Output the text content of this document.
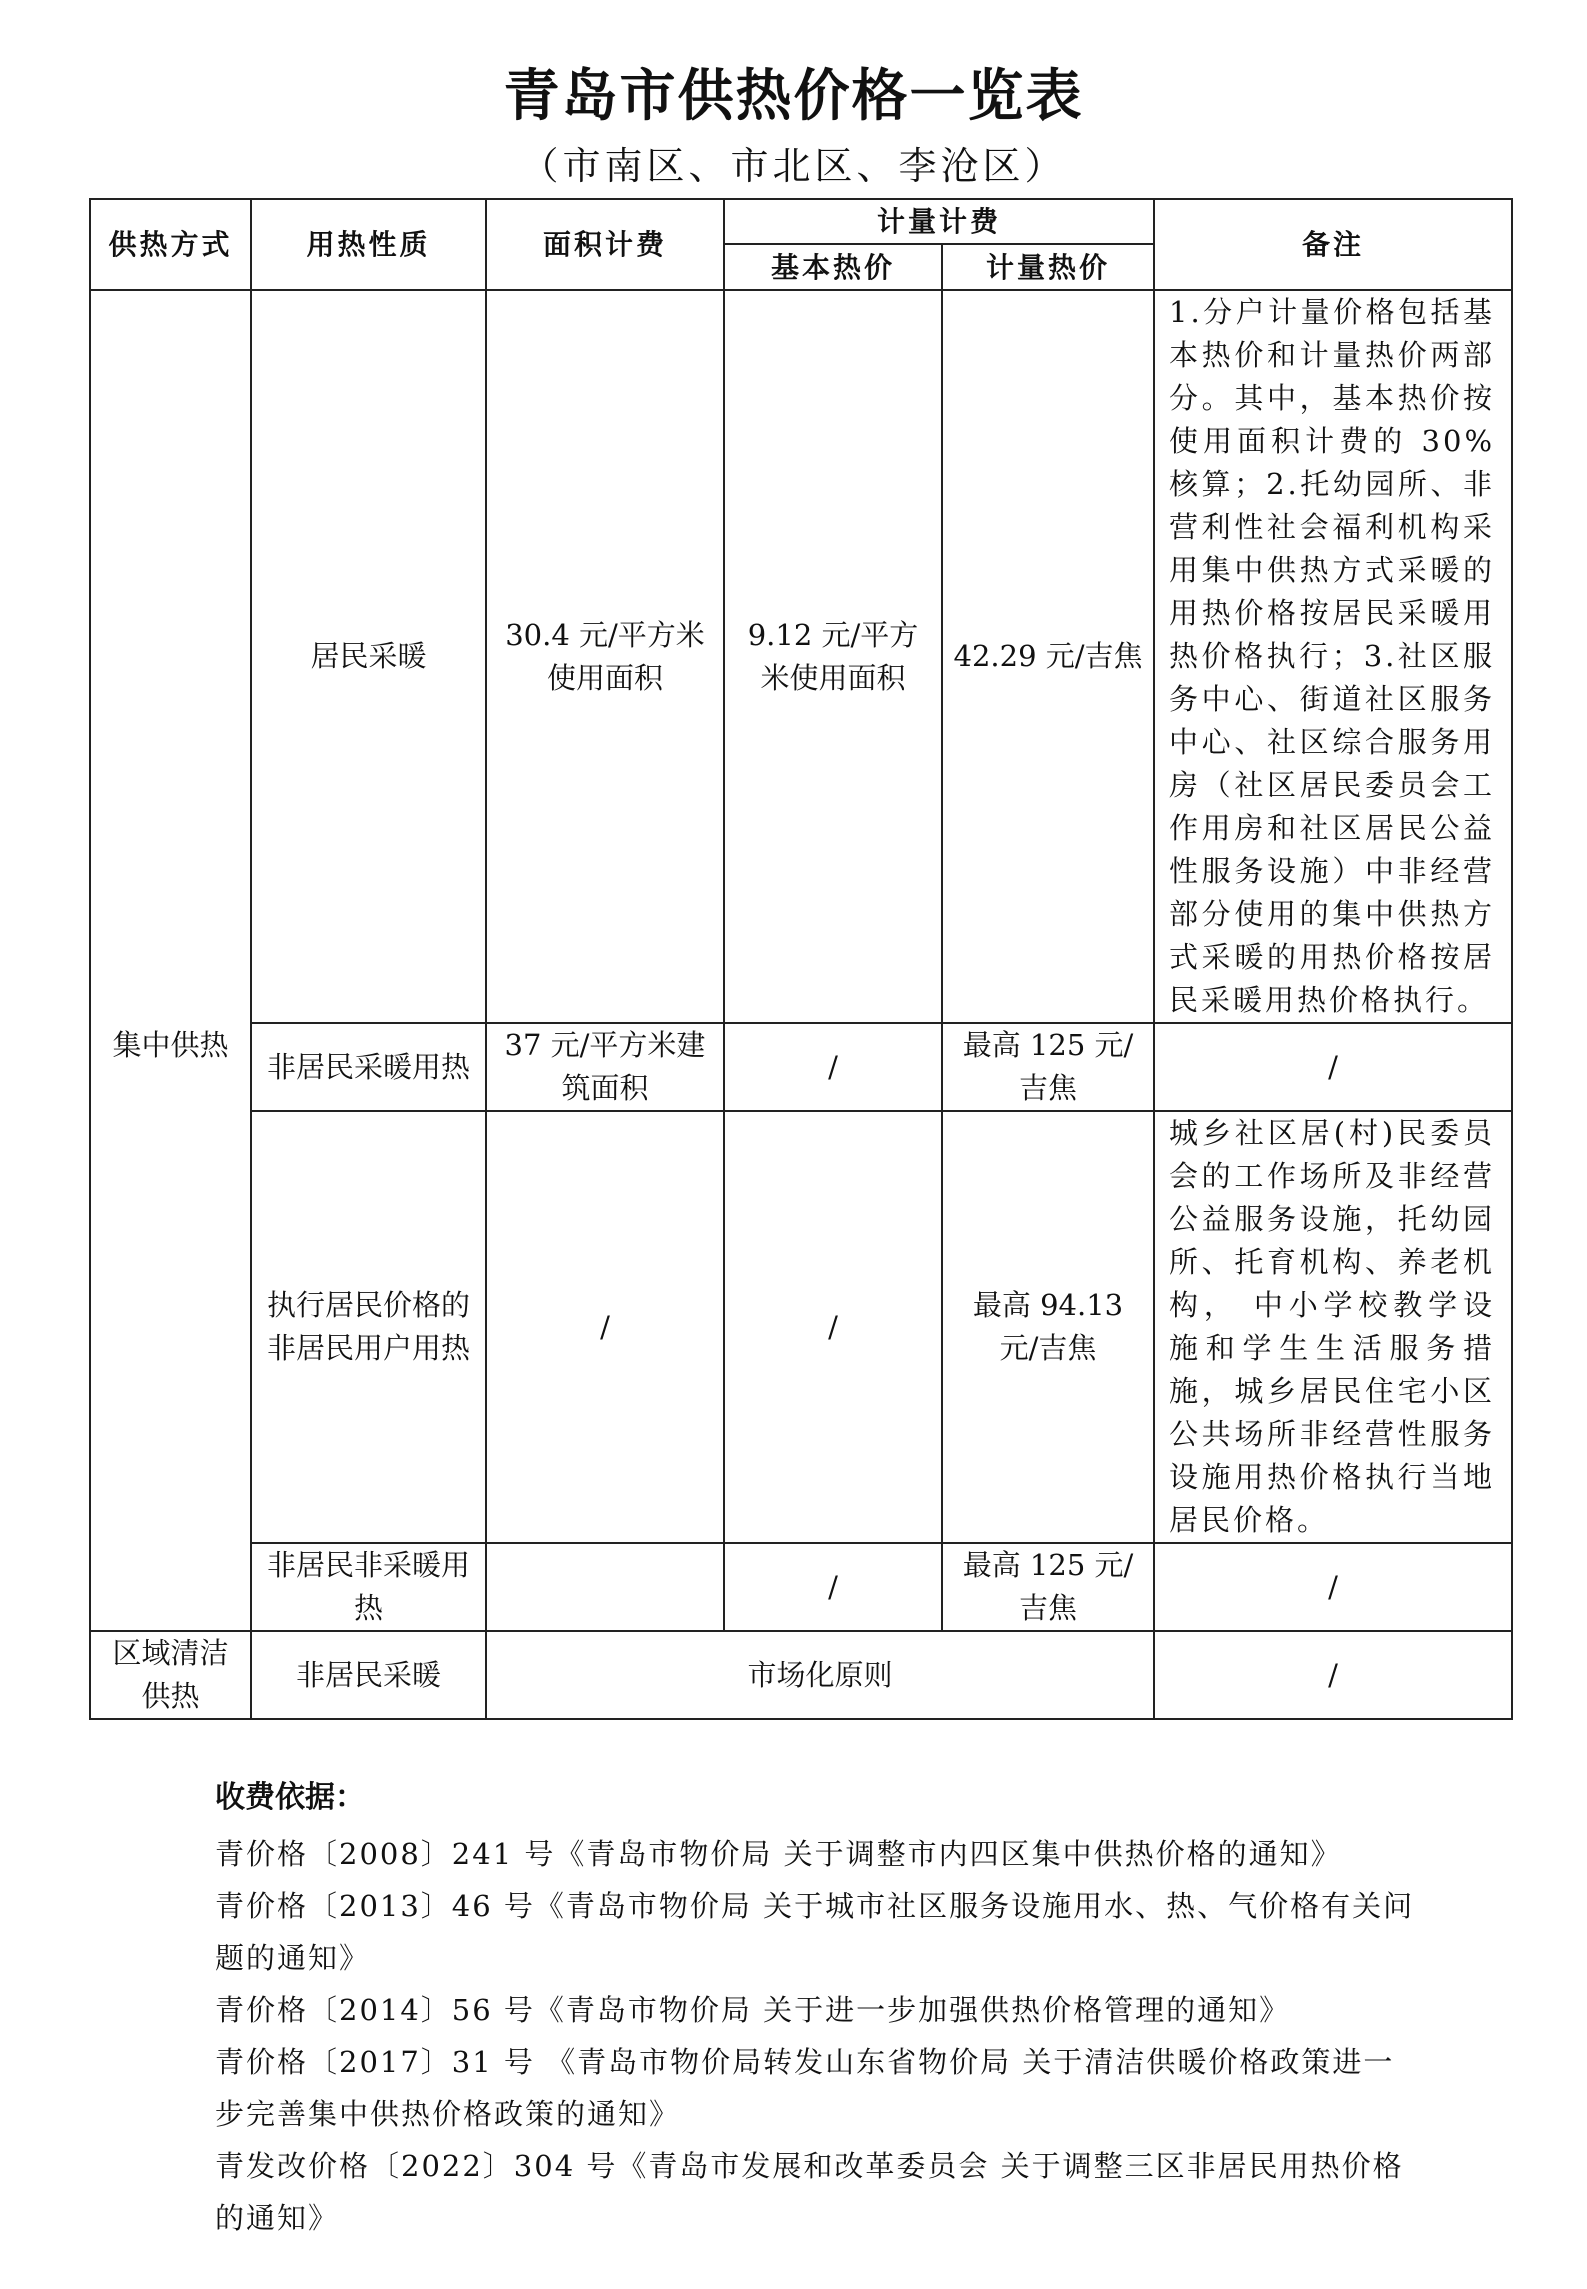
青岛市供热价格一览表
（市南区、市北区、李沧区）
供热方式	用热性质	面积计费	计量计费		备注
			基本热价	计量热价	
集中供热	居民采暖	30.4 元/平方米使用面积	9.12 元/平方米使用面积	42.29 元/吉焦	1.分户计量价格包括基本热价和计量热价两部分。其中，基本热价按使用面积计费的 30%核算；2.托幼园所、非营利性社会福利机构采用集中供热方式采暖的用热价格按居民采暖用热价格执行；3.社区服务中心、街道社区服务中心、社区综合服务用房（社区居民委员会工作用房和社区居民公益性服务设施）中非经营部分使用的集中供热方式采暖的用热价格按居民采暖用热价格执行。
	非居民采暖用热	37 元/平方米建筑面积	/	最高 125 元/吉焦	/
	执行居民价格的非居民用户用热	/	/	最高 94.13 元/吉焦	城乡社区居(村)民委员会的工作场所及非经营公益服务设施，托幼园所、托育机构、养老机构， 中小学校教学设施和学生生活服务措施，城乡居民住宅小区公共场所非经营性服务设施用热价格执行当地居民价格。
	非居民非采暖用热		/	最高 125 元/吉焦	/
区域清洁供热	非居民采暖	市场化原则			/
收费依据：
青价格〔2008〕241 号《青岛市物价局 关于调整市内四区集中供热价格的通知》
青价格〔2013〕46 号《青岛市物价局 关于城市社区服务设施用水、热、气价格有关问题的通知》
青价格〔2014〕56 号《青岛市物价局 关于进一步加强供热价格管理的通知》
青价格〔2017〕31 号 《青岛市物价局转发山东省物价局 关于清洁供暖价格政策进一步完善集中供热价格政策的通知》
青发改价格〔2022〕304 号《青岛市发展和改革委员会 关于调整三区非居民用热价格的通知》
